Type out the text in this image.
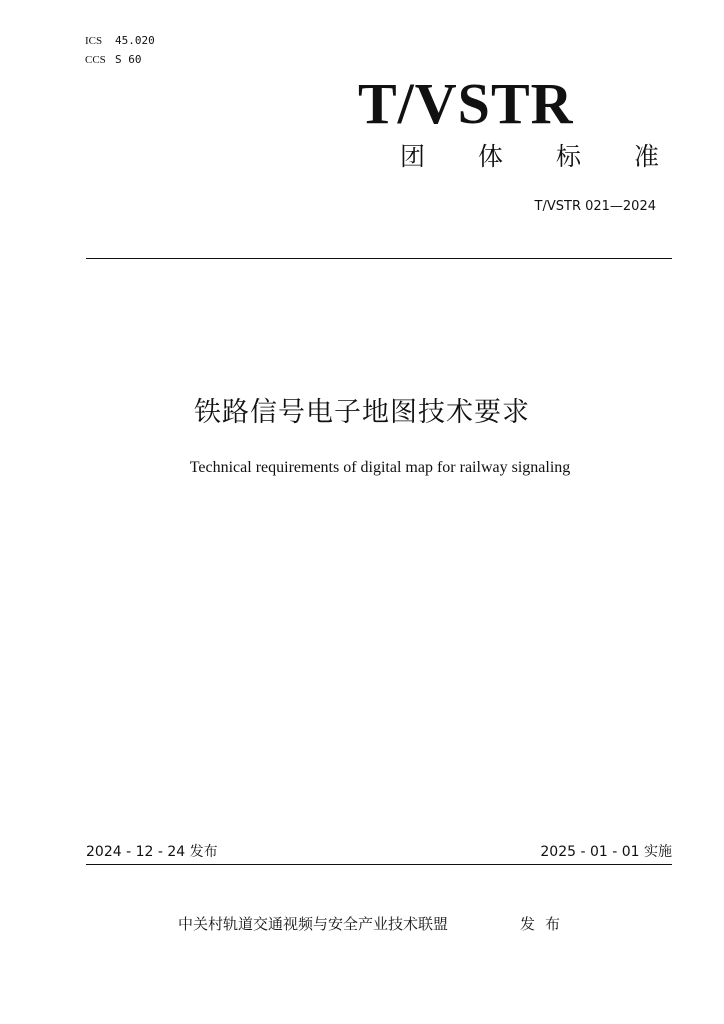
ICS 45.020
CCS S 60
T/VSTR
团体标准
T/VSTR 021—2024
铁路信号电子地图技术要求
Technical requirements of digital map for railway signaling
2024 - 12 - 24 发布	2025 - 01 - 01 实施
中关村轨道交通视频与安全产业技术联盟	发布
